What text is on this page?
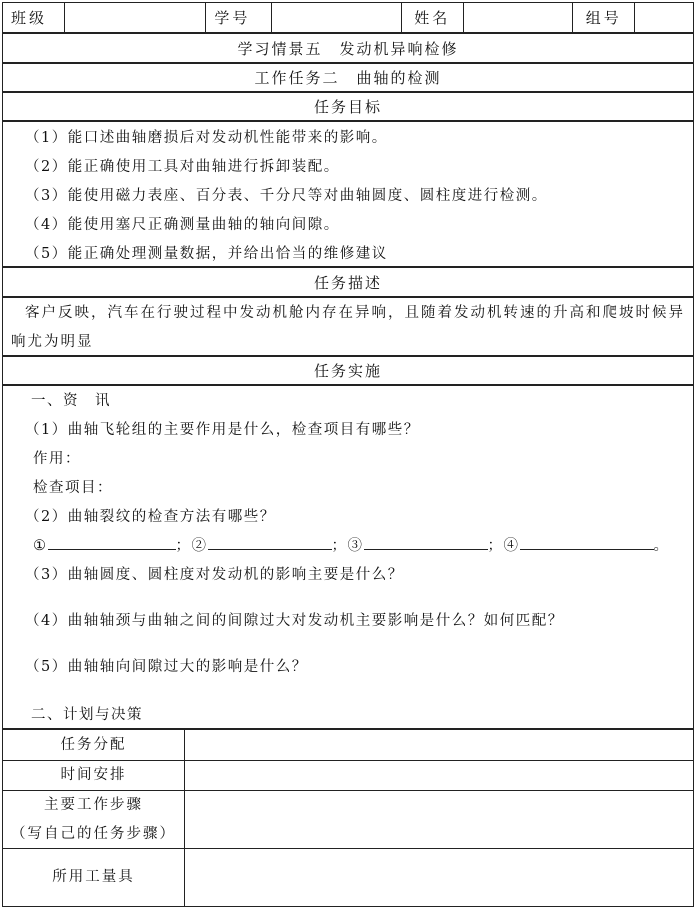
班级	学号	姓名	组号
学习情景五　发动机异响检修
工作任务二　曲轴的检测
任务目标
（1）能口述曲轴磨损后对发动机性能带来的影响。
（2）能正确使用工具对曲轴进行拆卸装配。
（3）能使用磁力表座、百分表、千分尺等对曲轴圆度、圆柱度进行检测。
（4）能使用塞尺正确测量曲轴的轴向间隙。
（5）能正确处理测量数据，并给出恰当的维修建议
任务描述
客户反映，汽车在行驶过程中发动机舱内存在异响，且随着发动机转速的升高和爬坡时候异响尤为明显
任务实施
一、资　讯
（1）曲轴飞轮组的主要作用是什么，检查项目有哪些？
作用：
检查项目：
（2）曲轴裂纹的检查方法有哪些？
①	；②	；③	；④	。
（3）曲轴圆度、圆柱度对发动机的影响主要是什么？
（4）曲轴轴颈与曲轴之间的间隙过大对发动机主要影响是什么？如何匹配？
（5）曲轴轴向间隙过大的影响是什么？
二、计划与决策
任务分配
时间安排
主要工作步骤
（写自己的任务步骤）
所用工量具
